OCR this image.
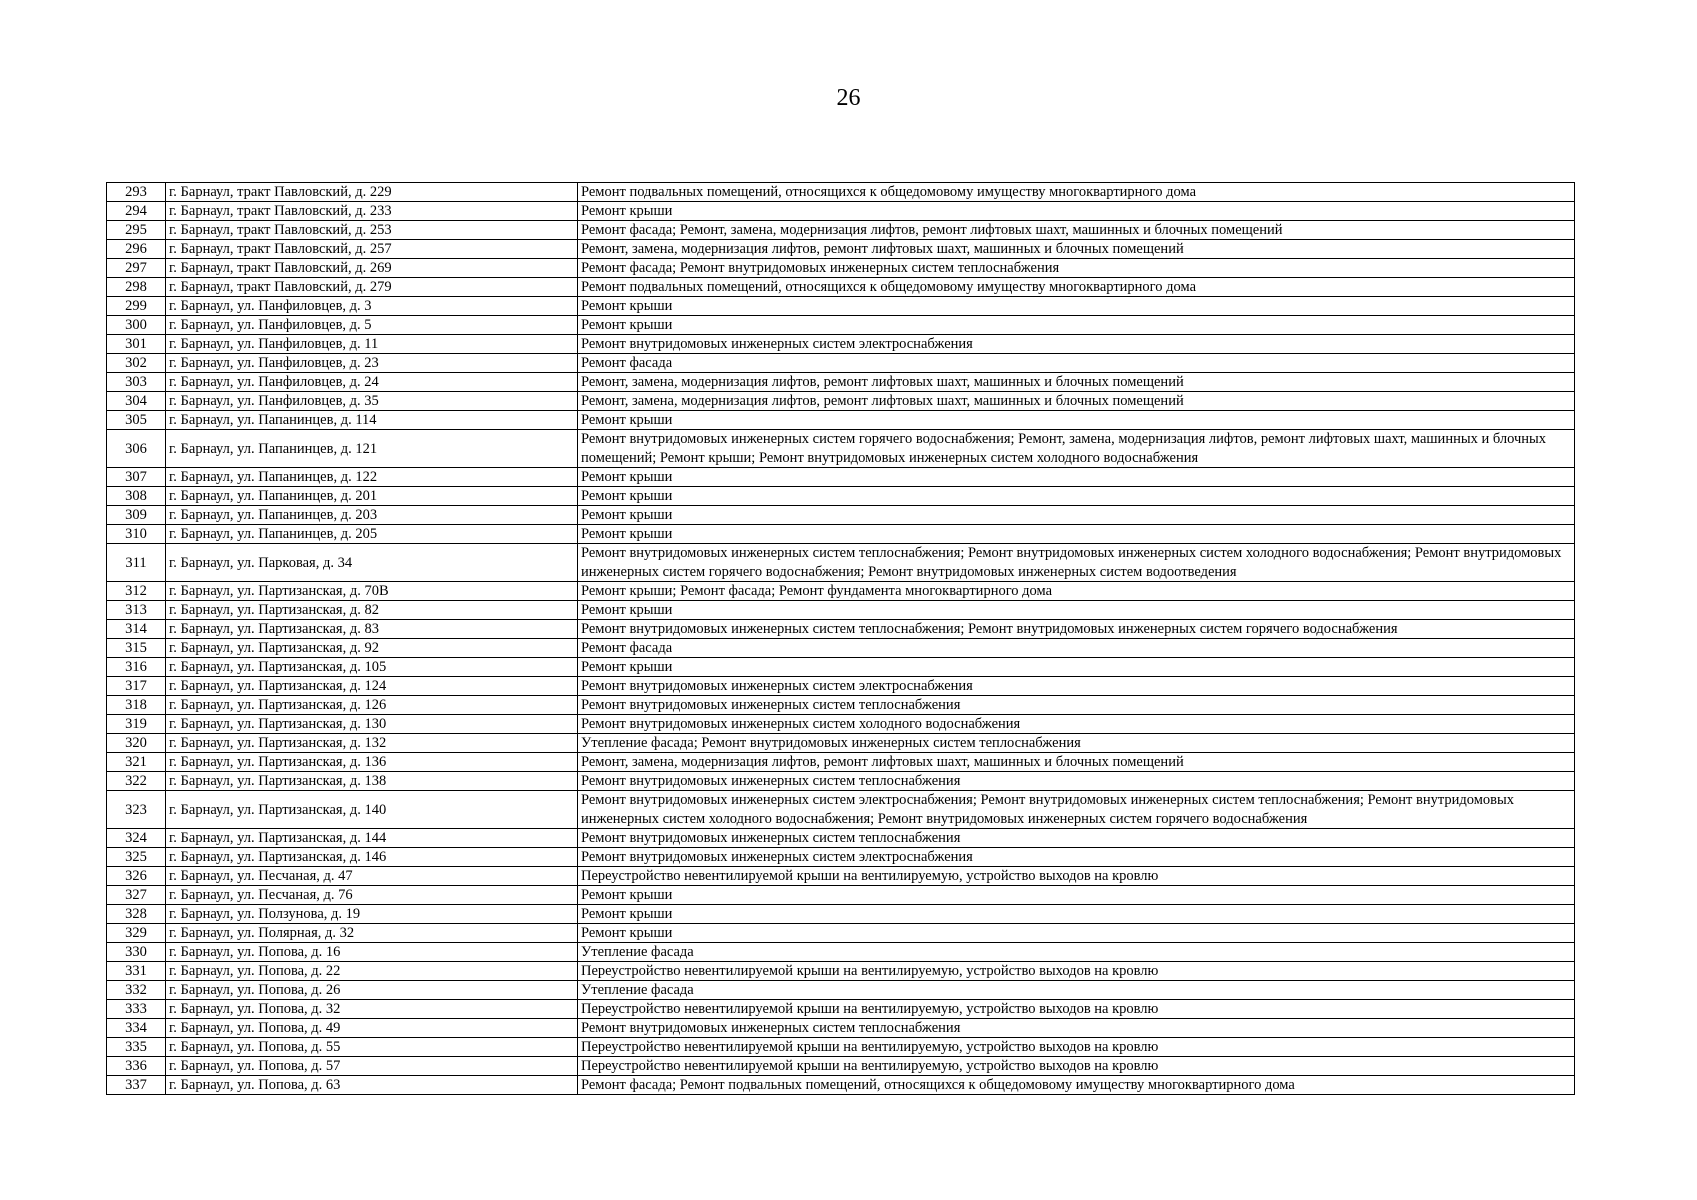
26
293	г. Барнаул, тракт Павловский, д. 229	Ремонт подвальных помещений, относящихся к общедомовому имуществу многоквартирного дома
294	г. Барнаул, тракт Павловский, д. 233	Ремонт крыши
295	г. Барнаул, тракт Павловский, д. 253	Ремонт фасада; Ремонт, замена, модернизация лифтов, ремонт лифтовых шахт, машинных и блочных помещений
296	г. Барнаул, тракт Павловский, д. 257	Ремонт, замена, модернизация лифтов, ремонт лифтовых шахт, машинных и блочных помещений
297	г. Барнаул, тракт Павловский, д. 269	Ремонт фасада; Ремонт внутридомовых инженерных систем теплоснабжения
298	г. Барнаул, тракт Павловский, д. 279	Ремонт подвальных помещений, относящихся к общедомовому имуществу многоквартирного дома
299	г. Барнаул, ул. Панфиловцев, д. 3	Ремонт крыши
300	г. Барнаул, ул. Панфиловцев, д. 5	Ремонт крыши
301	г. Барнаул, ул. Панфиловцев, д. 11	Ремонт внутридомовых инженерных систем электроснабжения
302	г. Барнаул, ул. Панфиловцев, д. 23	Ремонт фасада
303	г. Барнаул, ул. Панфиловцев, д. 24	Ремонт, замена, модернизация лифтов, ремонт лифтовых шахт, машинных и блочных помещений
304	г. Барнаул, ул. Панфиловцев, д. 35	Ремонт, замена, модернизация лифтов, ремонт лифтовых шахт, машинных и блочных помещений
305	г. Барнаул, ул. Папанинцев, д. 114	Ремонт крыши
306	г. Барнаул, ул. Папанинцев, д. 121	Ремонт внутридомовых инженерных систем горячего водоснабжения; Ремонт, замена, модернизация лифтов, ремонт лифтовых шахт, машинных и блочных помещений; Ремонт крыши; Ремонт внутридомовых инженерных систем холодного водоснабжения
307	г. Барнаул, ул. Папанинцев, д. 122	Ремонт крыши
308	г. Барнаул, ул. Папанинцев, д. 201	Ремонт крыши
309	г. Барнаул, ул. Папанинцев, д. 203	Ремонт крыши
310	г. Барнаул, ул. Папанинцев, д. 205	Ремонт крыши
311	г. Барнаул, ул. Парковая, д. 34	Ремонт внутридомовых инженерных систем теплоснабжения; Ремонт внутридомовых инженерных систем холодного водоснабжения; Ремонт внутридомовых инженерных систем горячего водоснабжения; Ремонт внутридомовых инженерных систем водоотведения
312	г. Барнаул, ул. Партизанская, д. 70В	Ремонт крыши; Ремонт фасада; Ремонт фундамента многоквартирного дома
313	г. Барнаул, ул. Партизанская, д. 82	Ремонт крыши
314	г. Барнаул, ул. Партизанская, д. 83	Ремонт внутридомовых инженерных систем теплоснабжения; Ремонт внутридомовых инженерных систем горячего водоснабжения
315	г. Барнаул, ул. Партизанская, д. 92	Ремонт фасада
316	г. Барнаул, ул. Партизанская, д. 105	Ремонт крыши
317	г. Барнаул, ул. Партизанская, д. 124	Ремонт внутридомовых инженерных систем электроснабжения
318	г. Барнаул, ул. Партизанская, д. 126	Ремонт внутридомовых инженерных систем теплоснабжения
319	г. Барнаул, ул. Партизанская, д. 130	Ремонт внутридомовых инженерных систем холодного водоснабжения
320	г. Барнаул, ул. Партизанская, д. 132	Утепление фасада; Ремонт внутридомовых инженерных систем теплоснабжения
321	г. Барнаул, ул. Партизанская, д. 136	Ремонт, замена, модернизация лифтов, ремонт лифтовых шахт, машинных и блочных помещений
322	г. Барнаул, ул. Партизанская, д. 138	Ремонт внутридомовых инженерных систем теплоснабжения
323	г. Барнаул, ул. Партизанская, д. 140	Ремонт внутридомовых инженерных систем электроснабжения; Ремонт внутридомовых инженерных систем теплоснабжения; Ремонт внутридомовых инженерных систем холодного водоснабжения; Ремонт внутридомовых инженерных систем горячего водоснабжения
324	г. Барнаул, ул. Партизанская, д. 144	Ремонт внутридомовых инженерных систем теплоснабжения
325	г. Барнаул, ул. Партизанская, д. 146	Ремонт внутридомовых инженерных систем электроснабжения
326	г. Барнаул, ул. Песчаная, д. 47	Переустройство невентилируемой крыши на вентилируемую, устройство выходов на кровлю
327	г. Барнаул, ул. Песчаная, д. 76	Ремонт крыши
328	г. Барнаул, ул. Ползунова, д. 19	Ремонт крыши
329	г. Барнаул, ул. Полярная, д. 32	Ремонт крыши
330	г. Барнаул, ул. Попова, д. 16	Утепление фасада
331	г. Барнаул, ул. Попова, д. 22	Переустройство невентилируемой крыши на вентилируемую, устройство выходов на кровлю
332	г. Барнаул, ул. Попова, д. 26	Утепление фасада
333	г. Барнаул, ул. Попова, д. 32	Переустройство невентилируемой крыши на вентилируемую, устройство выходов на кровлю
334	г. Барнаул, ул. Попова, д. 49	Ремонт внутридомовых инженерных систем теплоснабжения
335	г. Барнаул, ул. Попова, д. 55	Переустройство невентилируемой крыши на вентилируемую, устройство выходов на кровлю
336	г. Барнаул, ул. Попова, д. 57	Переустройство невентилируемой крыши на вентилируемую, устройство выходов на кровлю
337	г. Барнаул, ул. Попова, д. 63	Ремонт фасада; Ремонт подвальных помещений, относящихся к общедомовому имуществу многоквартирного дома
